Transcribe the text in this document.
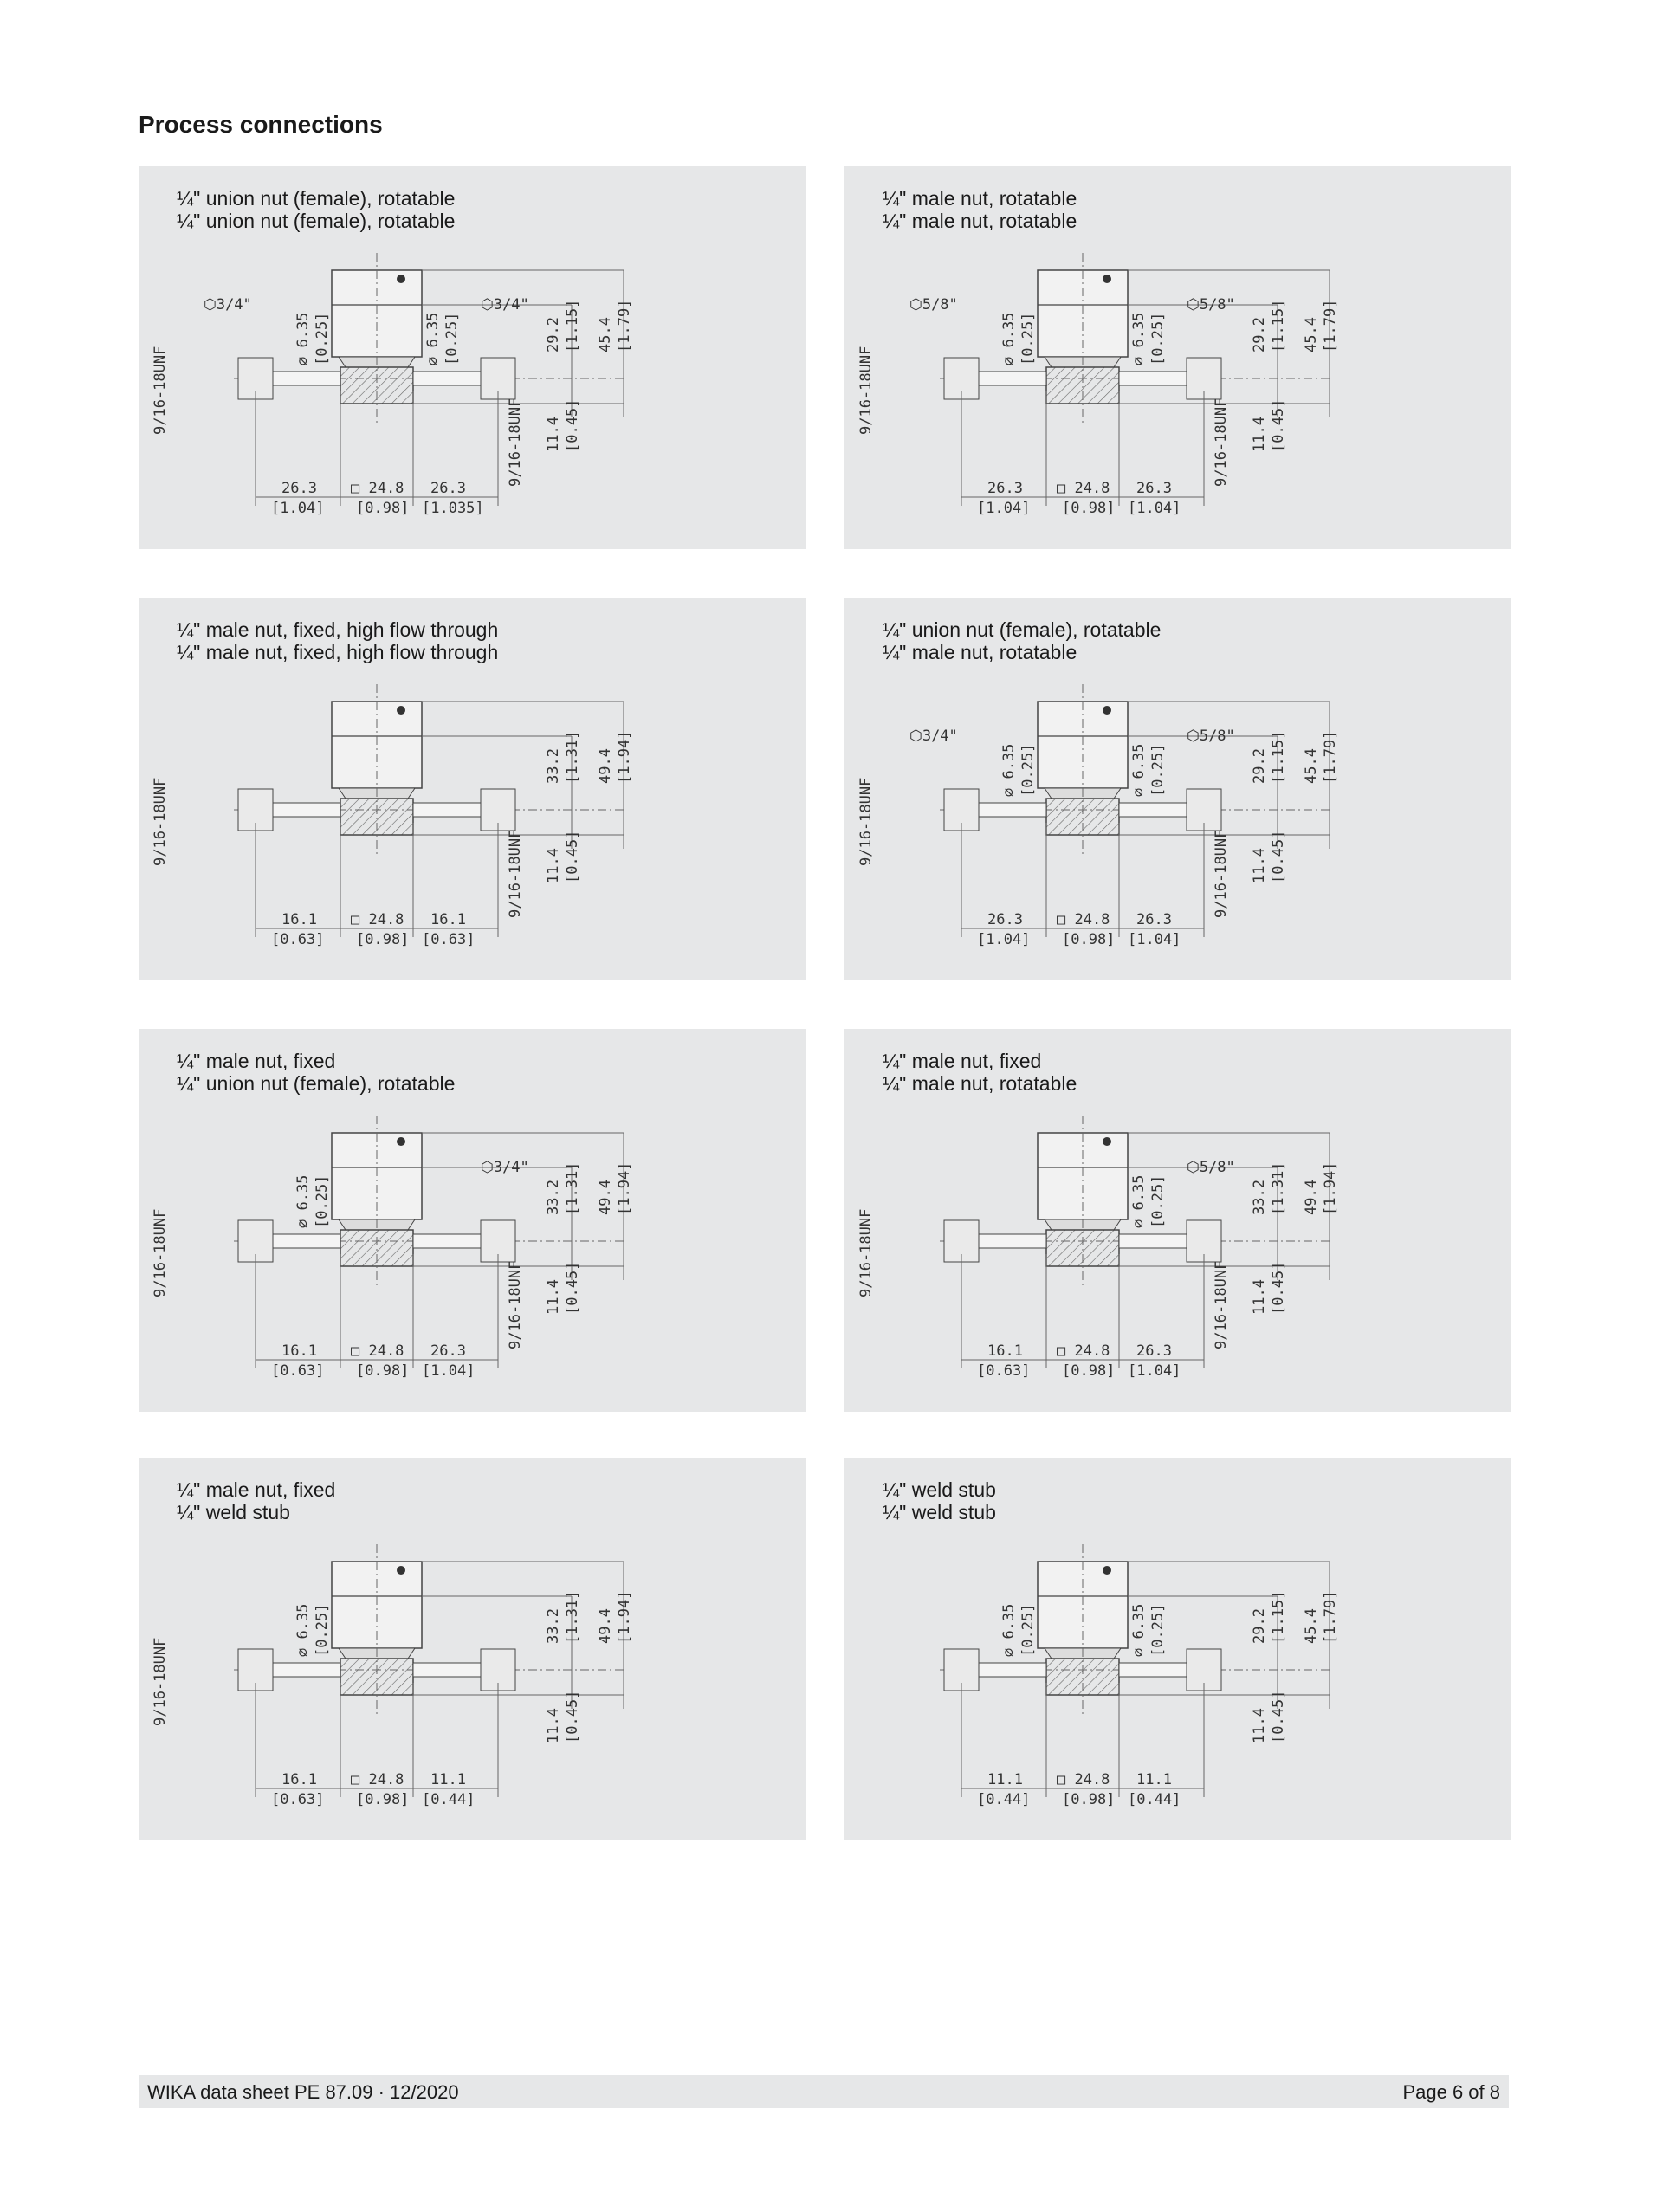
Process connections
¼" union nut (female), rotatable
¼" union nut (female), rotatable
⬡3/4"	⬡3/4"
⌀ 6.35 [0.25]	⌀ 6.35 [0.25]	29.2 [1.15] 45.4 [1.79]
11.4 [0.45]
9/16-18UNF
9/16-18UNF
26.3
[1.04]
□ 24.8
[0.98]
26.3
[1.035]
¼" male nut, rotatable
¼" male nut, rotatable
⬡5/8"	⬡5/8"
⌀ 6.35 [0.25]	⌀ 6.35 [0.25]	29.2 [1.15] 45.4 [1.79]
11.4 [0.45]
9/16-18UNF
9/16-18UNF
26.3
[1.04]
□ 24.8
[0.98]
26.3
[1.04]
¼" male nut, fixed, high flow through
¼" male nut, fixed, high flow through
33.2 [1.31] 49.4 [1.94]
11.4 [0.45]
9/16-18UNF
9/16-18UNF
16.1
[0.63]
□ 24.8
[0.98]
16.1
[0.63]
¼" union nut (female), rotatable
¼" male nut, rotatable
⬡3/4"	⬡5/8"
⌀ 6.35 [0.25]	⌀ 6.35 [0.25]	29.2 [1.15] 45.4 [1.79]
11.4 [0.45]
9/16-18UNF
9/16-18UNF
26.3
[1.04]
□ 24.8
[0.98]
26.3
[1.04]
¼" male nut, fixed
¼" union nut (female), rotatable
⬡3/4"
⌀ 6.35 [0.25]	33.2 [1.31] 49.4 [1.94]
11.4 [0.45]
9/16-18UNF
9/16-18UNF
16.1
[0.63]
□ 24.8
[0.98]
26.3
[1.04]
¼" male nut, fixed
¼" male nut, rotatable
⬡5/8"
⌀ 6.35 [0.25]	33.2 [1.31] 49.4 [1.94]
11.4 [0.45]
9/16-18UNF
9/16-18UNF
16.1
[0.63]
□ 24.8
[0.98]
26.3
[1.04]
¼" male nut, fixed
¼" weld stub
⌀ 6.35 [0.25]	33.2 [1.31] 49.4 [1.94]
11.4 [0.45]
9/16-18UNF
16.1
[0.63]
□ 24.8
[0.98]
11.1
[0.44]
¼" weld stub
¼" weld stub
⌀ 6.35 [0.25]	⌀ 6.35 [0.25]	29.2 [1.15] 45.4 [1.79]
11.4 [0.45]
11.1
[0.44]
□ 24.8
[0.98]
11.1
[0.44]
WIKA data sheet PE 87.09 · 12/2020	Page 6 of 8
